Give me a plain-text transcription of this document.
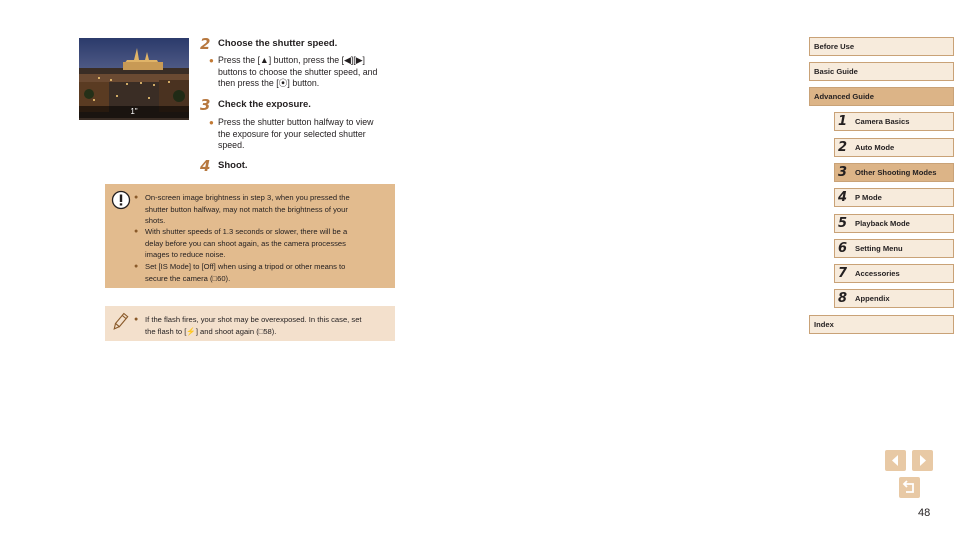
1"
2 Choose the shutter speed.
● Press the [▲] button, press the [◀][▶]
buttons to choose the shutter speed, and
then press the [⦿] button.
3 Check the exposure.
● Press the shutter button halfway to view
the exposure for your selected shutter
speed.
4 Shoot.
● On-screen image brightness in step 3, when you pressed the
shutter button halfway, may not match the brightness of your
shots.
● With shutter speeds of 1.3 seconds or slower, there will be a
delay before you can shoot again, as the camera processes
images to reduce noise.
● Set [IS Mode] to [Off] when using a tripod or other means to
secure the camera (□60).
● If the flash fires, your shot may be overexposed. In this case, set
the flash to [⚡] and shoot again (□58).
Before Use
Basic Guide
Advanced Guide
1 Camera Basics
2 Auto Mode
3 Other Shooting Modes
4 P Mode
5 Playback Mode
6 Setting Menu
7 Accessories
8 Appendix
Index
48
